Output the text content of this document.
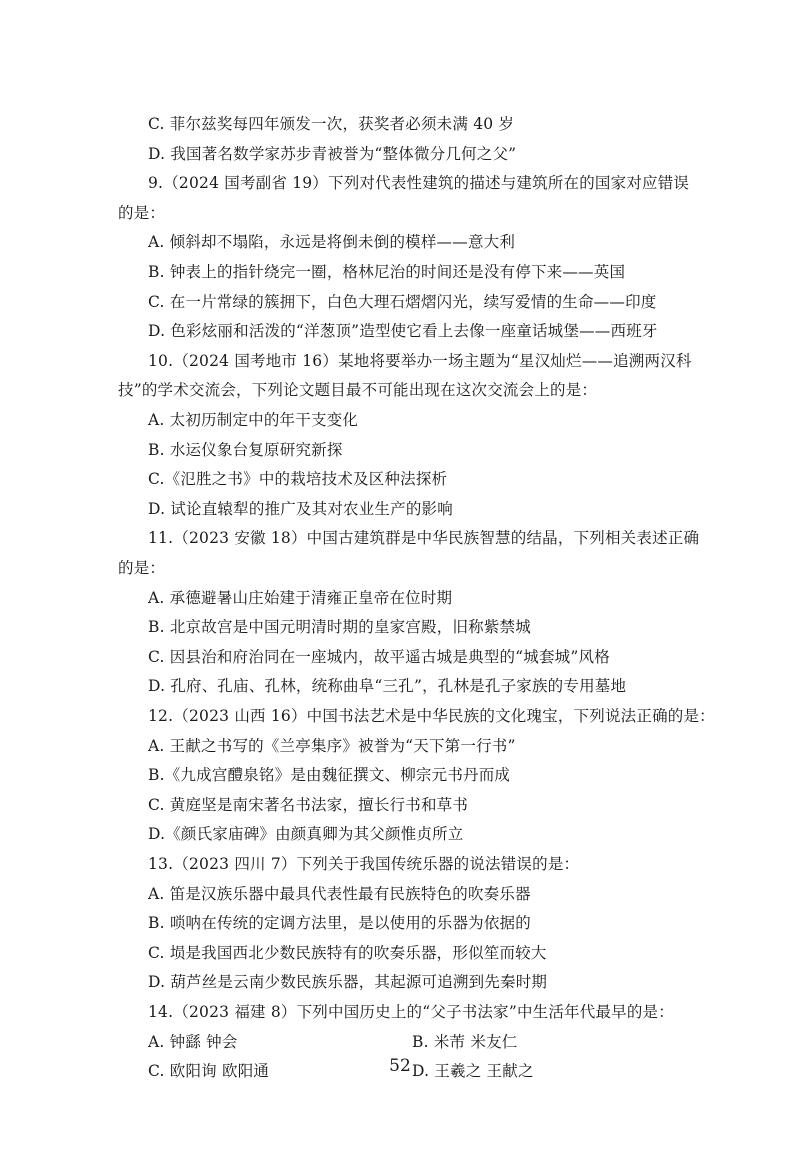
C. 菲尔兹奖每四年颁发一次，获奖者必须未满 40 岁
D. 我国著名数学家苏步青被誉为“整体微分几何之父”
9.（2024 国考副省 19）下列对代表性建筑的描述与建筑所在的国家对应错误
的是：
A. 倾斜却不塌陷，永远是将倒未倒的模样——意大利
B. 钟表上的指针绕完一圈，格林尼治的时间还是没有停下来——英国
C. 在一片常绿的簇拥下，白色大理石熠熠闪光，续写爱情的生命——印度
D. 色彩炫丽和活泼的“洋葱顶”造型使它看上去像一座童话城堡——西班牙
10.（2024 国考地市 16）某地将要举办一场主题为“星汉灿烂——追溯两汉科
技”的学术交流会，下列论文题目最不可能出现在这次交流会上的是：
A. 太初历制定中的年干支变化
B. 水运仪象台复原研究新探
C.《氾胜之书》中的栽培技术及区种法探析
D. 试论直辕犁的推广及其对农业生产的影响
11.（2023 安徽 18）中国古建筑群是中华民族智慧的结晶，下列相关表述正确
的是：
A. 承德避暑山庄始建于清雍正皇帝在位时期
B. 北京故宫是中国元明清时期的皇家宫殿，旧称紫禁城
C. 因县治和府治同在一座城内，故平遥古城是典型的“城套城”风格
D. 孔府、孔庙、孔林，统称曲阜“三孔”，孔林是孔子家族的专用墓地
12.（2023 山西 16）中国书法艺术是中华民族的文化瑰宝，下列说法正确的是：
A. 王献之书写的《兰亭集序》被誉为“天下第一行书”
B.《九成宫醴泉铭》是由魏征撰文、柳宗元书丹而成
C. 黄庭坚是南宋著名书法家，擅长行书和草书
D.《颜氏家庙碑》由颜真卿为其父颜惟贞所立
13.（2023 四川 7）下列关于我国传统乐器的说法错误的是：
A. 笛是汉族乐器中最具代表性最有民族特色的吹奏乐器
B. 唢呐在传统的定调方法里，是以使用的乐器为依据的
C. 埙是我国西北少数民族特有的吹奏乐器，形似笙而较大
D. 葫芦丝是云南少数民族乐器，其起源可追溯到先秦时期
14.（2023 福建 8）下列中国历史上的“父子书法家”中生活年代最早的是：
A. 钟繇 钟会	B. 米芾 米友仁
C. 欧阳询 欧阳通	D. 王羲之 王献之
52
